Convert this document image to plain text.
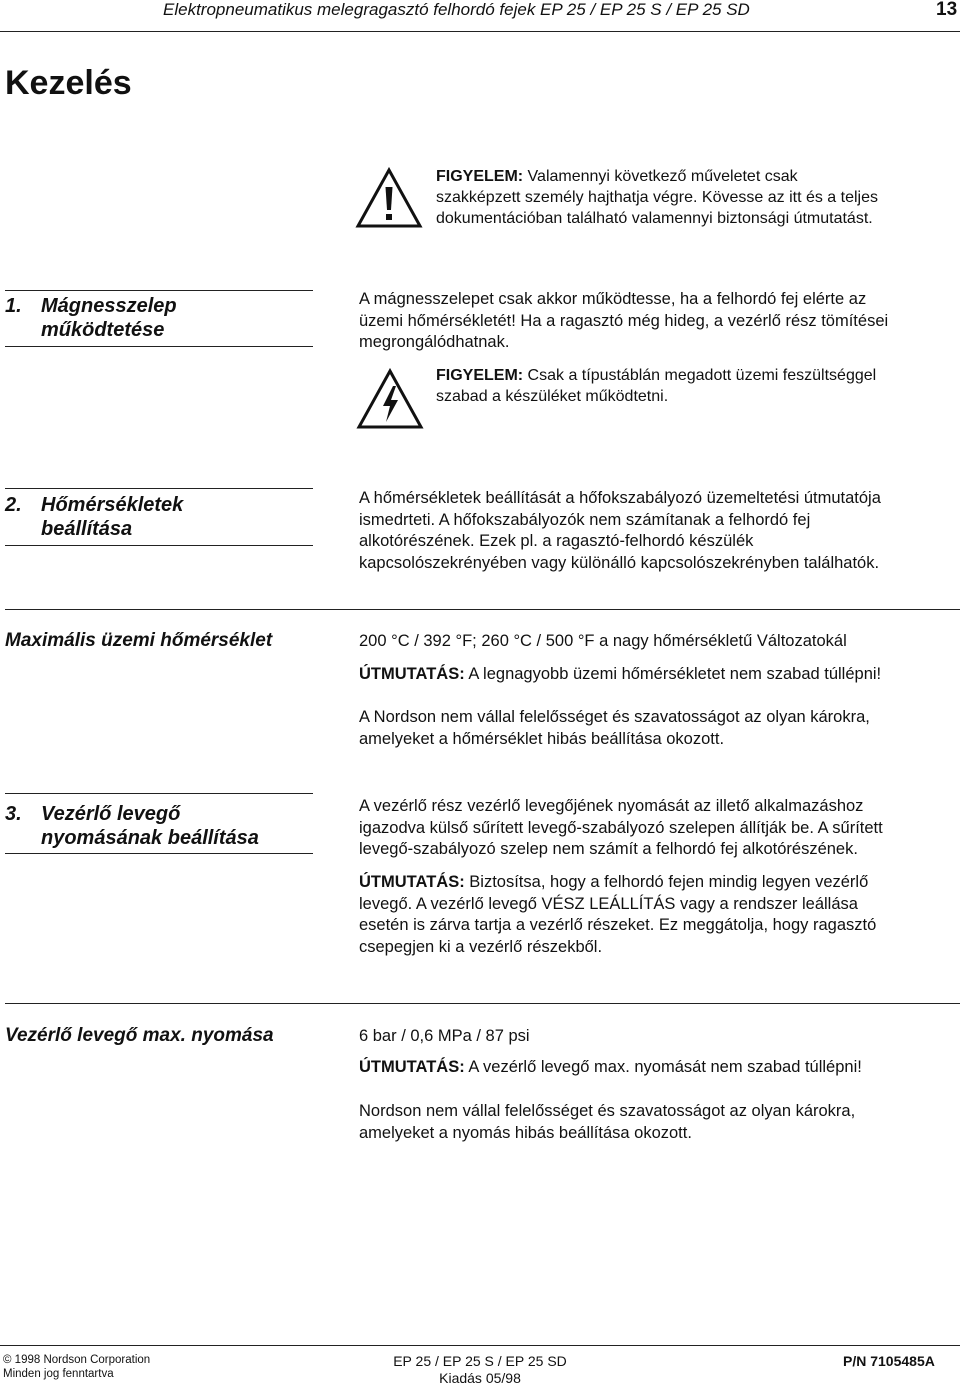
Elektropneumatikus melegragasztó felhordó fejek EP 25 / EP 25 S / EP 25 SD	13
Kezelés
FIGYELEM: Valamennyi következő műveletet csak
szakképzett személy hajthatja végre. Kövesse az itt és a teljes
dokumentációban található valamennyi biztonsági útmutatást.
1. Mágnesszelep
működtetése
A mágnesszelepet csak akkor működtesse, ha a felhordó fej elérte az
üzemi hőmérsékletét! Ha a ragasztó még hideg, a vezérlő rész tömítései
megrongálódhatnak.
FIGYELEM: Csak a típustáblán megadott üzemi feszültséggel
szabad a készüléket működtetni.
2. Hőmérsékletek
beállítása
A hőmérsékletek beállítását a hőfokszabályozó üzemeltetési útmutatója
ismedrteti. A hőfokszabályozók nem számítanak a felhordó fej
alkotórészének. Ezek pl. a ragasztó-felhordó készülék
kapcsolószekrényében vagy különálló kapcsolószekrényben találhatók.
Maximális üzemi hőmérséklet	200 °C / 392 °F; 260 °C / 500 °F a nagy hőmérsékletű Változatokál
ÚTMUTATÁS: A legnagyobb üzemi hőmérsékletet nem szabad túllépni!
A Nordson nem vállal felelősséget és szavatosságot az olyan károkra,
amelyeket a hőmérséklet hibás beállítása okozott.
3. Vezérlő levegő
nyomásának beállítása
A vezérlő rész vezérlő levegőjének nyomását az illető alkalmazáshoz
igazodva külső sűrített levegő-szabályozó szelepen állítják be. A sűrített
levegő-szabályozó szelep nem számít a felhordó fej alkotórészének.
ÚTMUTATÁS: Biztosítsa, hogy a felhordó fejen mindig legyen vezérlő
levegő. A vezérlő levegő VÉSZ LEÁLLÍTÁS vagy a rendszer leállása
esetén is zárva tartja a vezérlő részeket. Ez meggátolja, hogy ragasztó
csepegjen ki a vezérlő részekből.
Vezérlő levegő max. nyomása	6 bar / 0,6 MPa / 87 psi
ÚTMUTATÁS: A vezérlő levegő max. nyomását nem szabad túllépni!
Nordson nem vállal felelősséget és szavatosságot az olyan károkra,
amelyeket a nyomás hibás beállítása okozott.
© 1998 Nordson Corporation
Minden jog fenntartva
EP 25 / EP 25 S / EP 25 SD
Kiadás 05/98
P/N 7105485A
